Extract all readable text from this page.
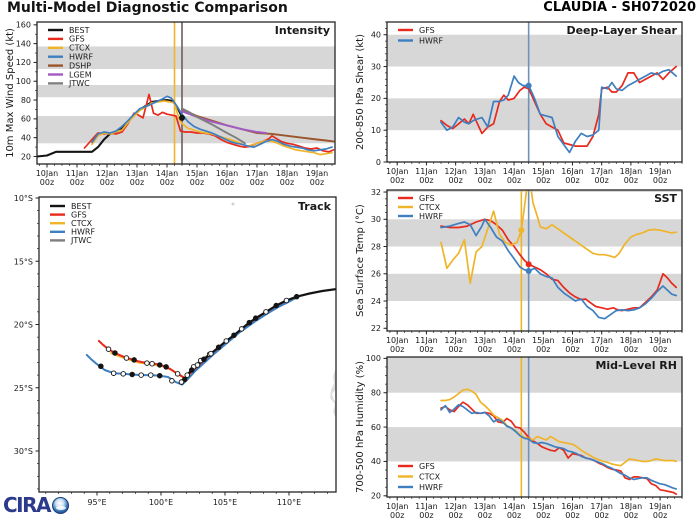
10Jan
00z
11Jan
00z
12Jan
00z
13Jan
00z
14Jan
00z
15Jan
00z
16Jan
00z
17Jan
00z
18Jan
00z
19Jan
00z
20
40
60
80
100
120
140
160
10m Max Wind Speed (kt)	Intensity
BEST
GFS
CTCX
HWRF
DSHP
LGEM
JTWC
10Jan
00z
11Jan
00z
12Jan
00z
13Jan
00z
14Jan
00z
15Jan
00z
16Jan
00z
17Jan
00z
18Jan
00z
19Jan
00z
0
10
20
30
40
200-850 hPa Shear (kt)
Deep-Layer Shear
GFS
HWRF
10Jan
00z
11Jan
00z
12Jan
00z
13Jan
00z
14Jan
00z
15Jan
00z
16Jan
00z
17Jan
00z
18Jan
00z
19Jan
00z
22
24
26
28
30
32
Sea Surface Temp (°C)
SST
GFS
CTCX
HWRF
10Jan
00z
11Jan
00z
12Jan
00z
13Jan
00z
14Jan
00z
15Jan
00z
16Jan
00z
17Jan
00z
18Jan
00z
19Jan
00z
20
40
60
80
100
700-500 hPa Humidity (%)	Mid-Level RH
GFS
CTCX
HWRF
10°S
15°S
20°S
25°S
30°S
95°E	100°E	105°E	110°E
Track
BEST
GFS
CTCX
HWRF
JTWC
Multi-Model Diagnostic Comparison	CLAUDIA - SH072020
CIRA
